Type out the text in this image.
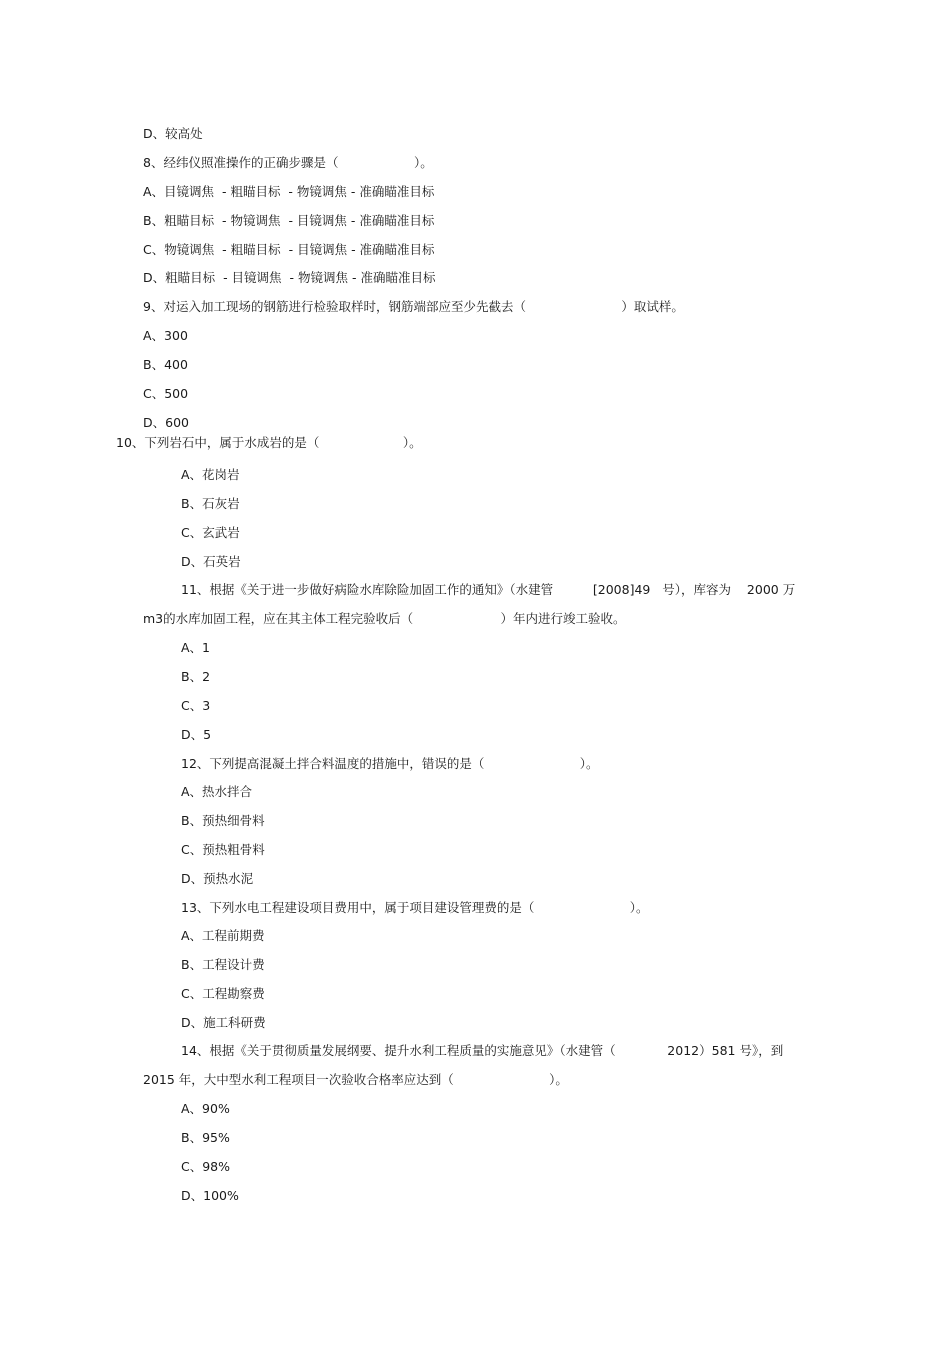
D、较高处
8、经纬仪照准操作的正确步骤是（                   ）。
A、目镜调焦  - 粗瞄目标  - 物镜调焦 - 准确瞄准目标
B、粗瞄目标  - 物镜调焦  - 目镜调焦 - 准确瞄准目标
C、物镜调焦  - 粗瞄目标  - 目镜调焦 - 准确瞄准目标
D、粗瞄目标  - 目镜调焦  - 物镜调焦 - 准确瞄准目标
9、对运入加工现场的钢筋进行检验取样时，钢筋端部应至少先截去（                        ）取试样。
A、300
B、400
C、500
D、600
10、下列岩石中，属于水成岩的是（                     ）。
A、花岗岩
B、石灰岩
C、玄武岩
D、石英岩
11、根据《关于进一步做好病险水库除险加固工作的通知》（水建管          [2008]49   号），库容为    2000 万
m3的水库加固工程，应在其主体工程完验收后（                      ）年内进行竣工验收。
A、1
B、2
C、3
D、5
12、下列提高混凝土拌合料温度的措施中，错误的是（                        ）。
A、热水拌合
B、预热细骨料
C、预热粗骨料
D、预热水泥
13、下列水电工程建设项目费用中，属于项目建设管理费的是（                        ）。
A、工程前期费
B、工程设计费
C、工程勘察费
D、施工科研费
14、根据《关于贯彻质量发展纲要、提升水利工程质量的实施意见》（水建管（             2012）581 号》，到
2015 年，大中型水利工程项目一次验收合格率应达到（                        ）。
A、90%
B、95%
C、98%
D、100%
